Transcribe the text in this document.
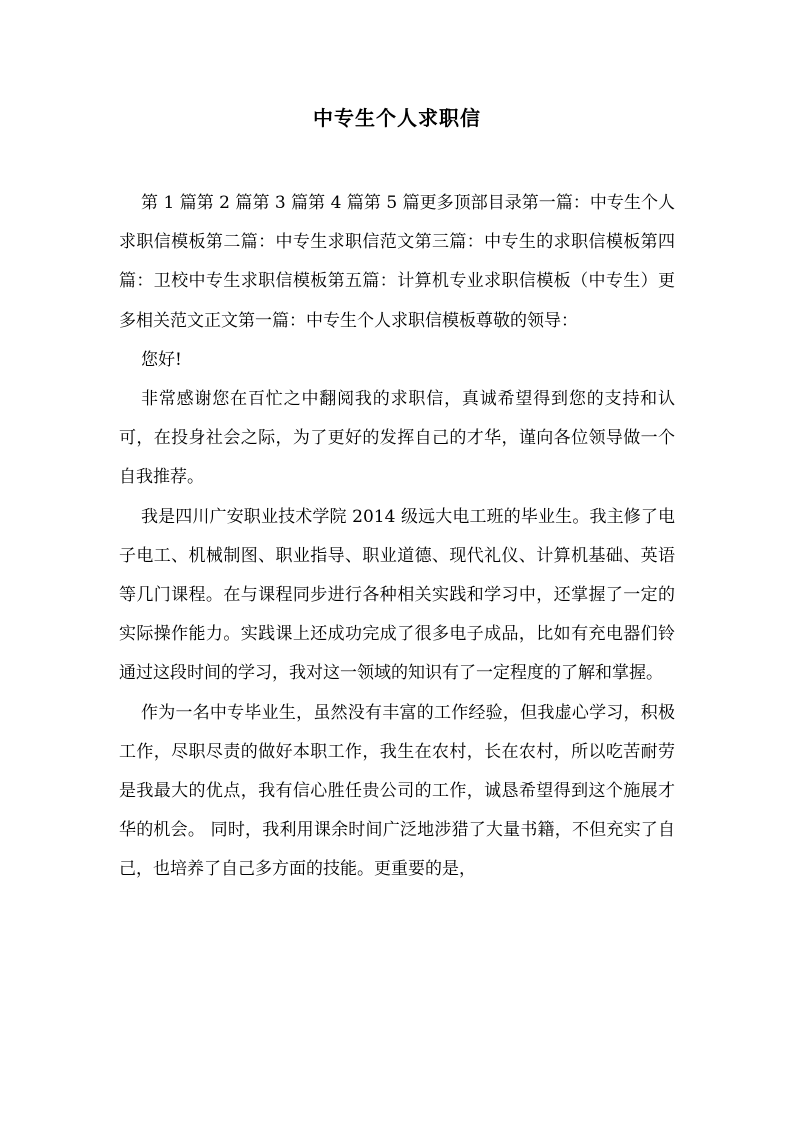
中专生个人求职信

第 1 篇第 2 篇第 3 篇第 4 篇第 5 篇更多顶部目录第一篇：中专生个人求职信模板第二篇：中专生求职信范文第三篇：中专生的求职信模板第四篇：卫校中专生求职信模板第五篇：计算机专业求职信模板（中专生）更多相关范文正文第一篇：中专生个人求职信模板尊敬的领导：

您好!

非常感谢您在百忙之中翻阅我的求职信，真诚希望得到您的支持和认可，在投身社会之际，为了更好的发挥自己的才华，谨向各位领导做一个自我推荐。

我是四川广安职业技术学院 2014 级远大电工班的毕业生。我主修了电子电工、机械制图、职业指导、职业道德、现代礼仪、计算机基础、英语等几门课程。在与课程同步进行各种相关实践和学习中，还掌握了一定的实际操作能力。实践课上还成功完成了很多电子成品，比如有充电器们铃 通过这段时间的学习，我对这一领域的知识有了一定程度的了解和掌握。

作为一名中专毕业生，虽然没有丰富的工作经验，但我虚心学习，积极工作，尽职尽责的做好本职工作，我生在农村，长在农村，所以吃苦耐劳是我最大的优点，我有信心胜任贵公司的工作，诚恳希望得到这个施展才华的机会。 同时，我利用课余时间广泛地涉猎了大量书籍，不但充实了自己，也培养了自己多方面的技能。更重要的是，
